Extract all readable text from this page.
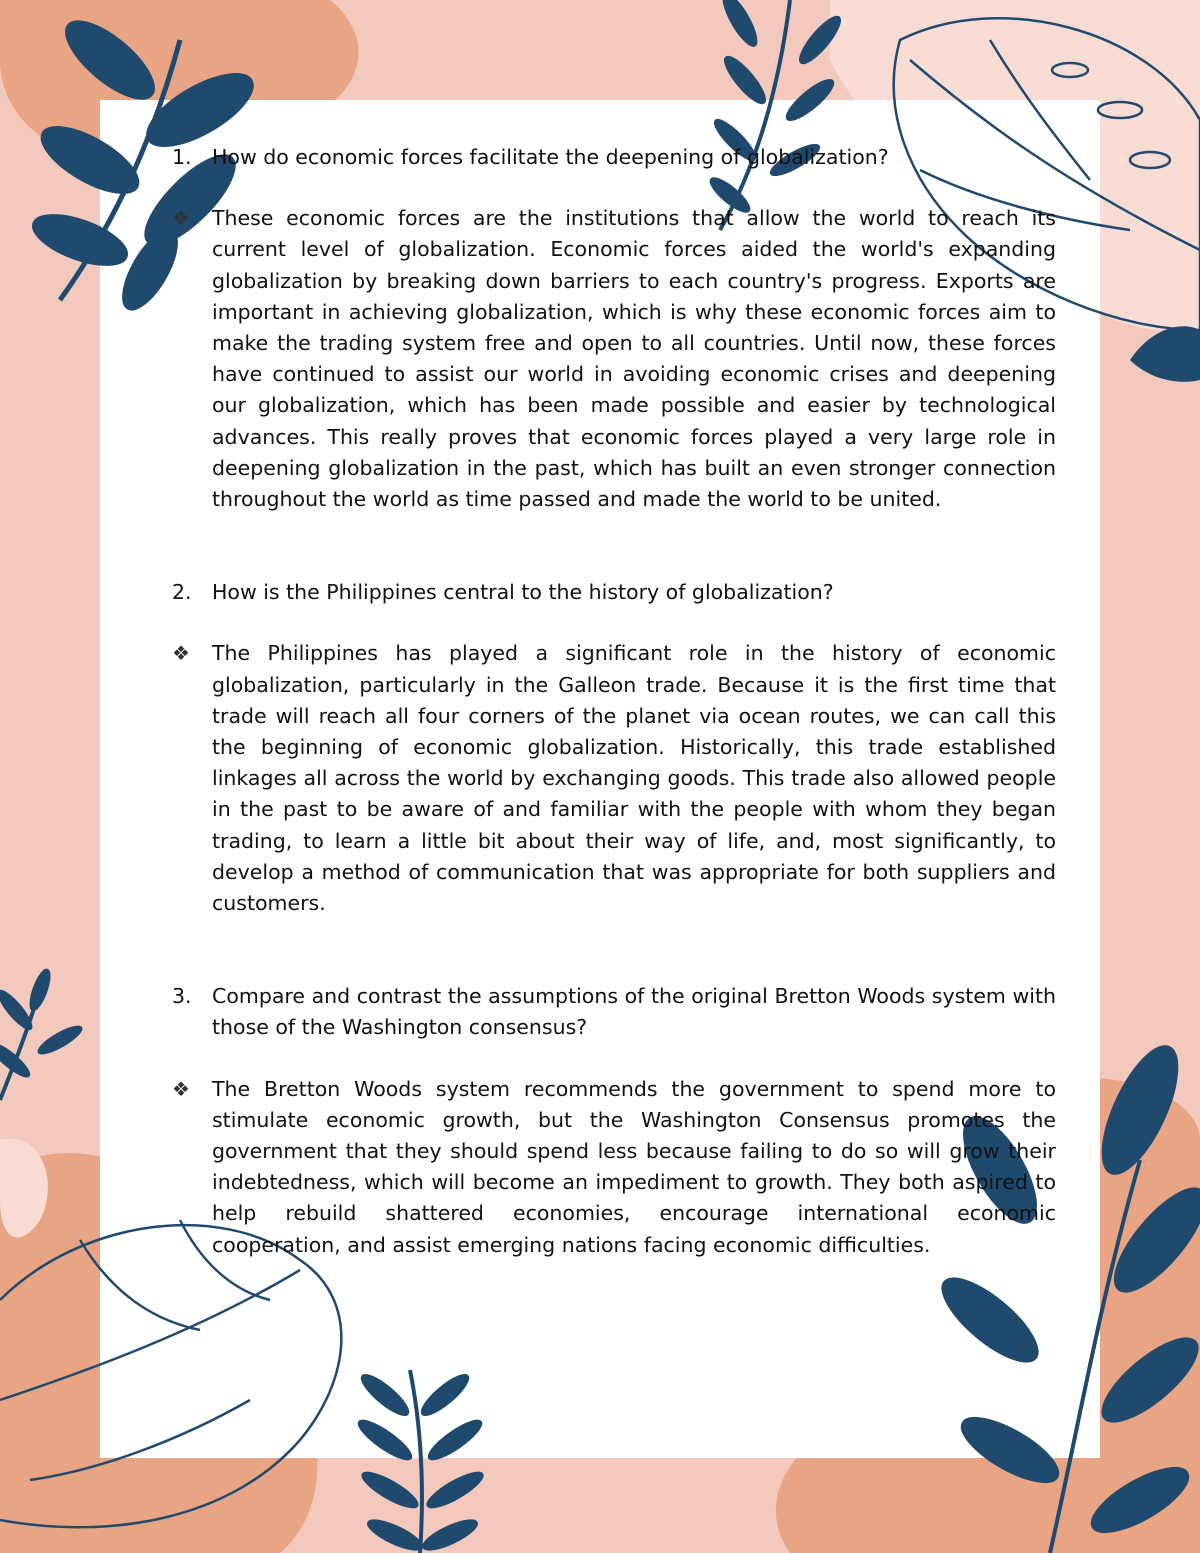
1. How do economic forces facilitate the deepening of globalization?
❖	These economic forces are the institutions that allow the world to reach its current level of globalization. Economic forces aided the world's expanding globalization by breaking down barriers to each country's progress. Exports are important in achieving globalization, which is why these economic forces aim to make the trading system free and open to all countries. Until now, these forces have continued to assist our world in avoiding economic crises and deepening our globalization, which has been made possible and easier by technological advances. This really proves that economic forces played a very large role in deepening globalization in the past, which has built an even stronger connection throughout the world as time passed and made the world to be united.
2. How is the Philippines central to the history of globalization?
❖	The Philippines has played a significant role in the history of economic globalization, particularly in the Galleon trade. Because it is the first time that trade will reach all four corners of the planet via ocean routes, we can call this the beginning of economic globalization. Historically, this trade established linkages all across the world by exchanging goods. This trade also allowed people in the past to be aware of and familiar with the people with whom they began trading, to learn a little bit about their way of life, and, most significantly, to develop a method of communication that was appropriate for both suppliers and customers.
3. Compare and contrast the assumptions of the original Bretton Woods system with those of the Washington consensus?
❖	The Bretton Woods system recommends the government to spend more to stimulate economic growth, but the Washington Consensus promotes the government that they should spend less because failing to do so will grow their indebtedness, which will become an impediment to growth. They both aspired to help rebuild shattered economies, encourage international economic cooperation, and assist emerging nations facing economic difficulties.
